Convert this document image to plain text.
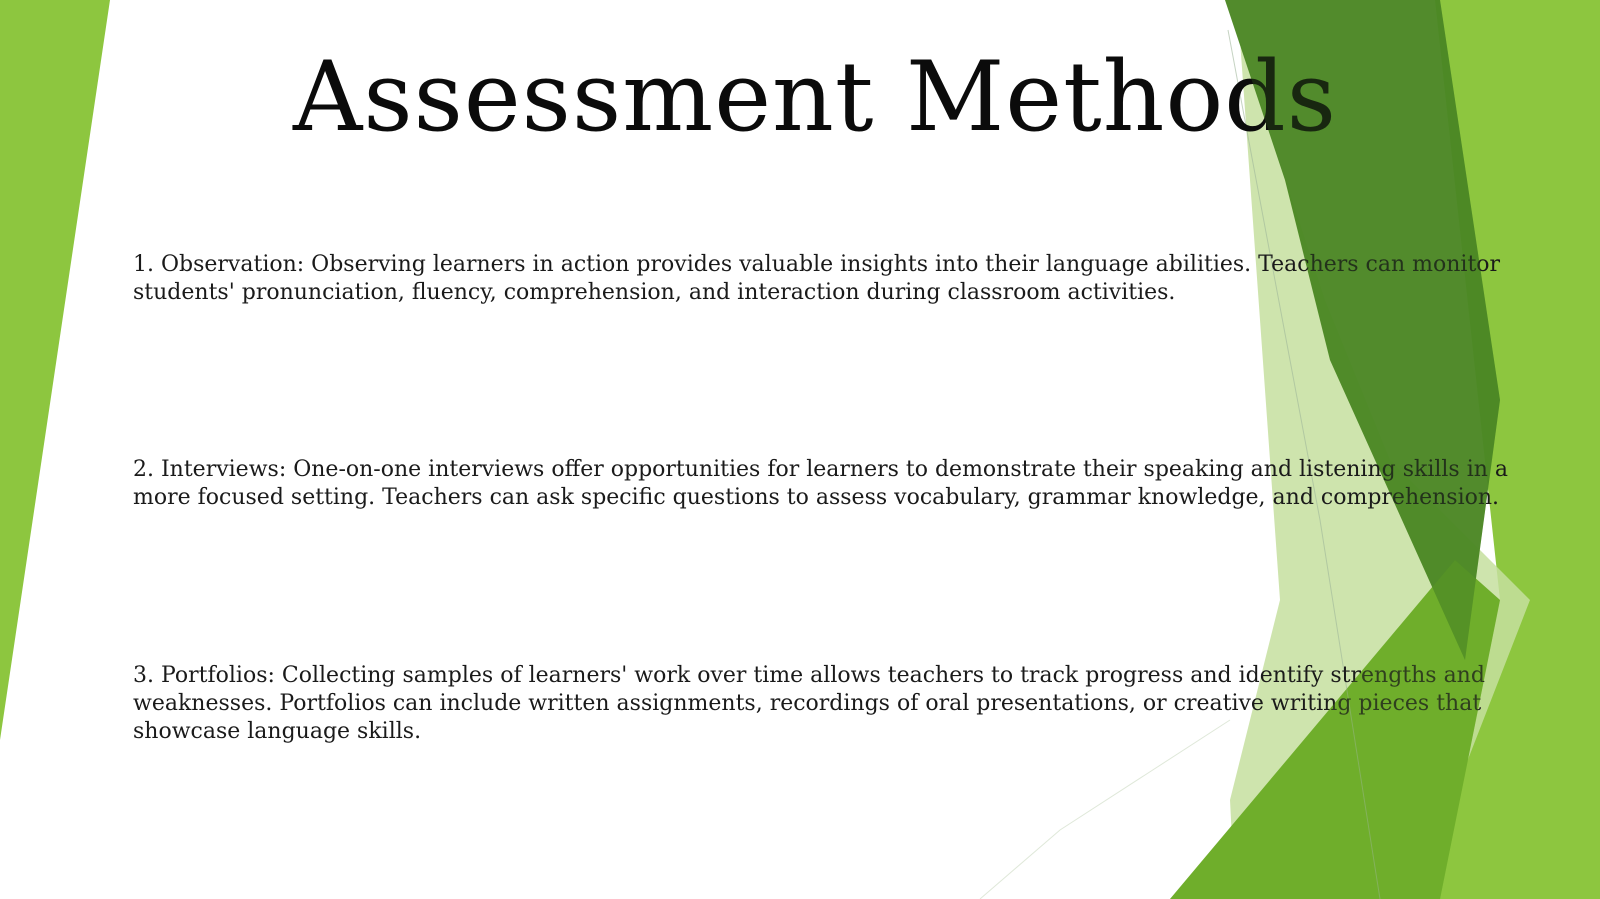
Assessment Methods
1. Observation: Observing learners in action provides valuable insights into their language abilities. Teachers can monitor students' pronunciation, fluency, comprehension, and interaction during classroom activities.
2. Interviews: One-on-one interviews offer opportunities for learners to demonstrate their speaking and listening skills in a more focused setting. Teachers can ask specific questions to assess vocabulary, grammar knowledge, and comprehension.
3. Portfolios: Collecting samples of learners' work over time allows teachers to track progress and identify strengths and weaknesses. Portfolios can include written assignments, recordings of oral presentations, or creative writing pieces that showcase language skills.
